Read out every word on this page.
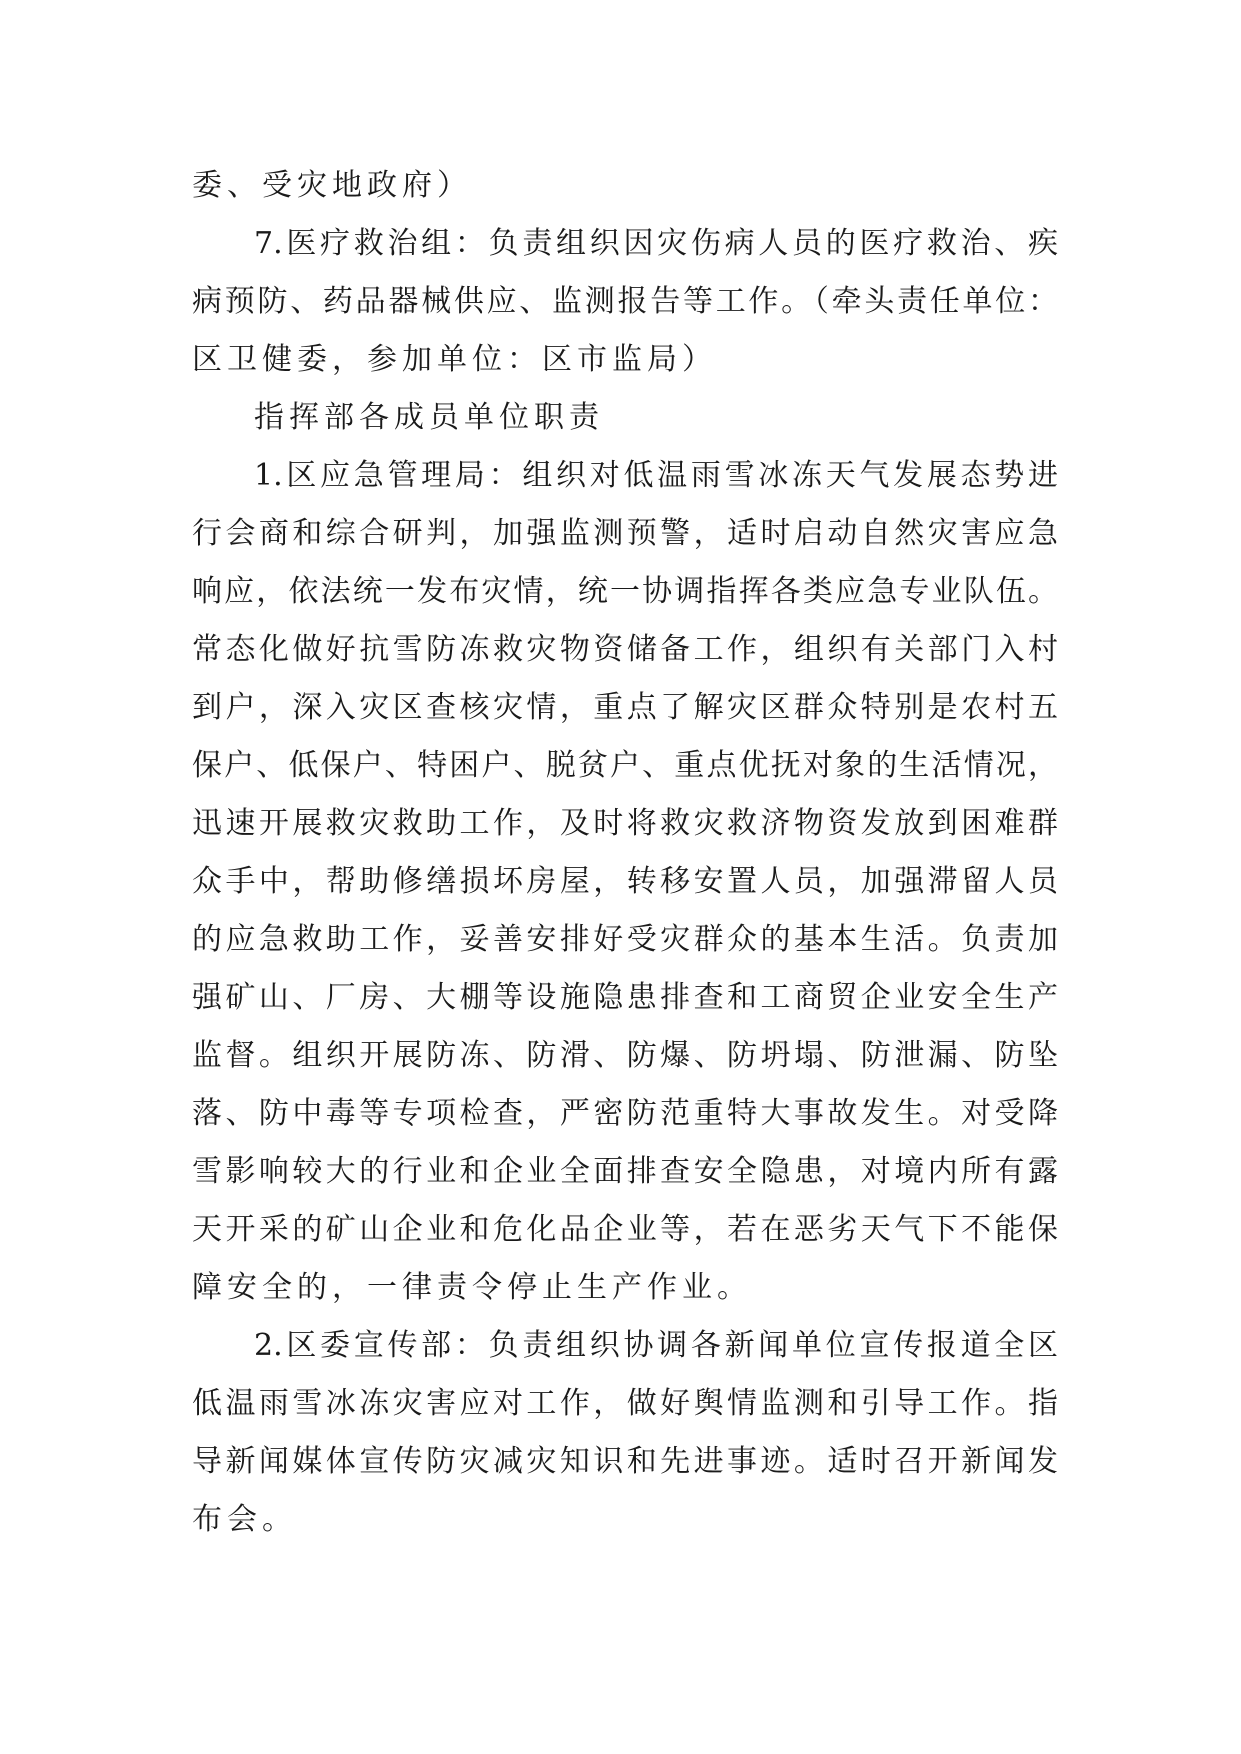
委、受灾地政府）
7.医疗救治组：负责组织因灾伤病人员的医疗救治、疾
病预防、药品器械供应、监测报告等工作。（牵头责任单位：
区卫健委，参加单位：区市监局）
指挥部各成员单位职责
1.区应急管理局：组织对低温雨雪冰冻天气发展态势进
行会商和综合研判，加强监测预警，适时启动自然灾害应急
响应，依法统一发布灾情，统一协调指挥各类应急专业队伍。
常态化做好抗雪防冻救灾物资储备工作，组织有关部门入村
到户，深入灾区查核灾情，重点了解灾区群众特别是农村五
保户、低保户、特困户、脱贫户、重点优抚对象的生活情况，
迅速开展救灾救助工作，及时将救灾救济物资发放到困难群
众手中，帮助修缮损坏房屋，转移安置人员，加强滞留人员
的应急救助工作，妥善安排好受灾群众的基本生活。负责加
强矿山、厂房、大棚等设施隐患排查和工商贸企业安全生产
监督。组织开展防冻、防滑、防爆、防坍塌、防泄漏、防坠
落、防中毒等专项检查，严密防范重特大事故发生。对受降
雪影响较大的行业和企业全面排查安全隐患，对境内所有露
天开采的矿山企业和危化品企业等，若在恶劣天气下不能保
障安全的，一律责令停止生产作业。
2.区委宣传部：负责组织协调各新闻单位宣传报道全区
低温雨雪冰冻灾害应对工作，做好舆情监测和引导工作。指
导新闻媒体宣传防灾减灾知识和先进事迹。适时召开新闻发
布会。
